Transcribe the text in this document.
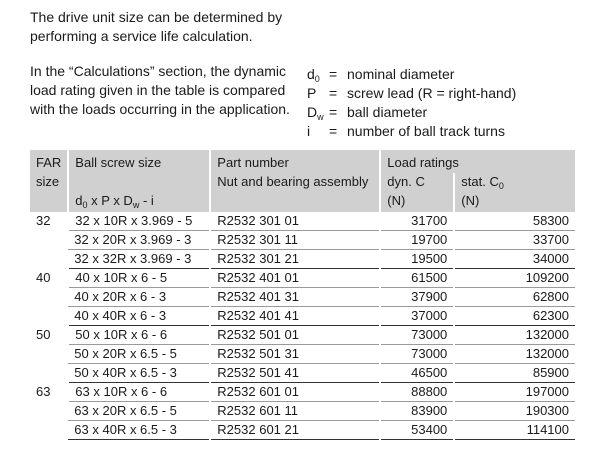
The drive unit size can be determined by performing a service life calculation.

In the “Calculations” section, the dynamic load rating given in the table is compared with the loads occurring in the application.

$d_0$ = nominal diameter
P = screw lead (R = right-hand)
$D_w$ = ball diameter
i	= number of ball track turns
FAR	Ball screw size	Part number	Load ratings	
size		Nut and bearing assembly	dyn. C	stat. $C_0$
	$d_0$ x P x $D_w$ - i		(N)	(N)
32	32 x 10R x 3.969 - 5	R2532 301 01	31700	58300
	32 x 20R x 3.969 - 3	R2532 301 11	19700	33700
	32 x 32R x 3.969 - 3	R2532 301 21	19500	34000
40	40 x 10R x 6 - 5	R2532 401 01	61500	109200
	40 x 20R x 6 - 3	R2532 401 31	37900	62800
	40 x 40R x 6 - 3	R2532 401 41	37000	62300
50	50 x 10R x 6 - 6	R2532 501 01	73000	132000
	50 x 20R x 6.5 - 5	R2532 501 31	73000	132000
	50 x 40R x 6.5 - 3	R2532 501 41	46500	85900
63	63 x 10R x 6 - 6	R2532 601 01	88800	197000
	63 x 20R x 6.5 - 5	R2532 601 11	83900	190300
	63 x 40R x 6.5 - 3	R2532 601 21	53400	114100
